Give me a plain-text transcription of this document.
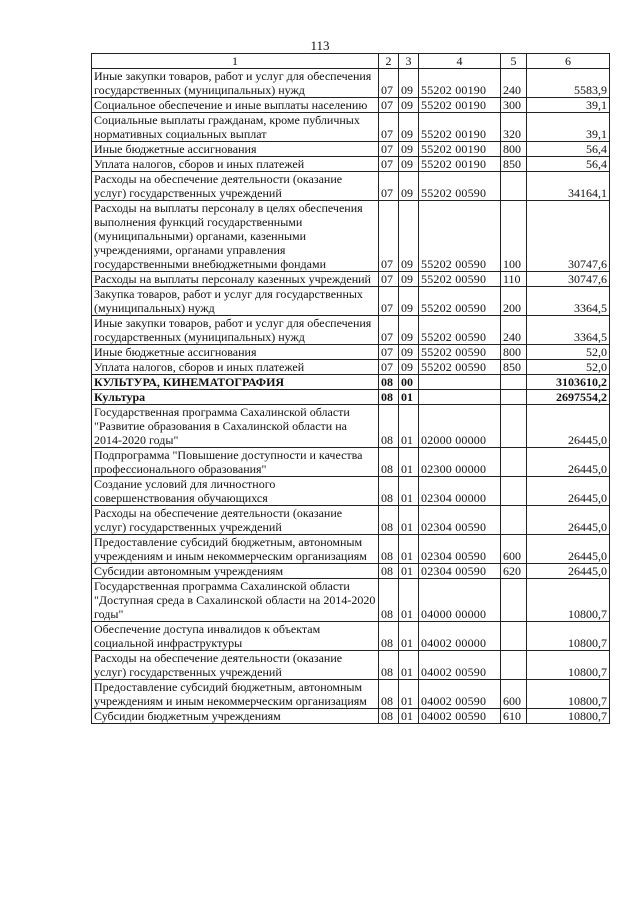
113
1	2	3	4	5	6
Иные закупки товаров, работ и услуг для обеспечения государственных (муниципальных) нужд	07	09	55202 00190	240	5583,9
Социальное обеспечение и иные выплаты населению	07	09	55202 00190	300	39,1
Социальные выплаты гражданам, кроме публичных нормативных социальных выплат	07	09	55202 00190	320	39,1
Иные бюджетные ассигнования	07	09	55202 00190	800	56,4
Уплата налогов, сборов и иных платежей	07	09	55202 00190	850	56,4
Расходы на обеспечение деятельности (оказание услуг) государственных учреждений	07	09	55202 00590		34164,1
Расходы на выплаты персоналу в целях обеспечения выполнения функций государственными (муниципальными) органами, казенными учреждениями, органами управления государственными внебюджетными фондами	07	09	55202 00590	100	30747,6
Расходы на выплаты персоналу казенных учреждений	07	09	55202 00590	110	30747,6
Закупка товаров, работ и услуг для государственных (муниципальных) нужд	07	09	55202 00590	200	3364,5
Иные закупки товаров, работ и услуг для обеспечения государственных (муниципальных) нужд	07	09	55202 00590	240	3364,5
Иные бюджетные ассигнования	07	09	55202 00590	800	52,0
Уплата налогов, сборов и иных платежей	07	09	55202 00590	850	52,0
КУЛЬТУРА, КИНЕМАТОГРАФИЯ	08	00			3103610,2
Культура	08	01			2697554,2
Государственная программа Сахалинской области "Развитие образования в Сахалинской области на 2014-2020 годы"	08	01	02000 00000		26445,0
Подпрограмма "Повышение доступности и качества профессионального образования"	08	01	02300 00000		26445,0
Создание условий для личностного совершенствования обучающихся	08	01	02304 00000		26445,0
Расходы на обеспечение деятельности (оказание услуг) государственных учреждений	08	01	02304 00590		26445,0
Предоставление субсидий бюджетным, автономным учреждениям и иным некоммерческим организациям	08	01	02304 00590	600	26445,0
Субсидии автономным учреждениям	08	01	02304 00590	620	26445,0
Государственная программа Сахалинской области "Доступная среда в Сахалинской области на 2014-2020 годы"	08	01	04000 00000		10800,7
Обеспечение доступа инвалидов к объектам социальной инфраструктуры	08	01	04002 00000		10800,7
Расходы на обеспечение деятельности (оказание услуг) государственных учреждений	08	01	04002 00590		10800,7
Предоставление субсидий бюджетным, автономным учреждениям и иным некоммерческим организациям	08	01	04002 00590	600	10800,7
Субсидии бюджетным учреждениям	08	01	04002 00590	610	10800,7
